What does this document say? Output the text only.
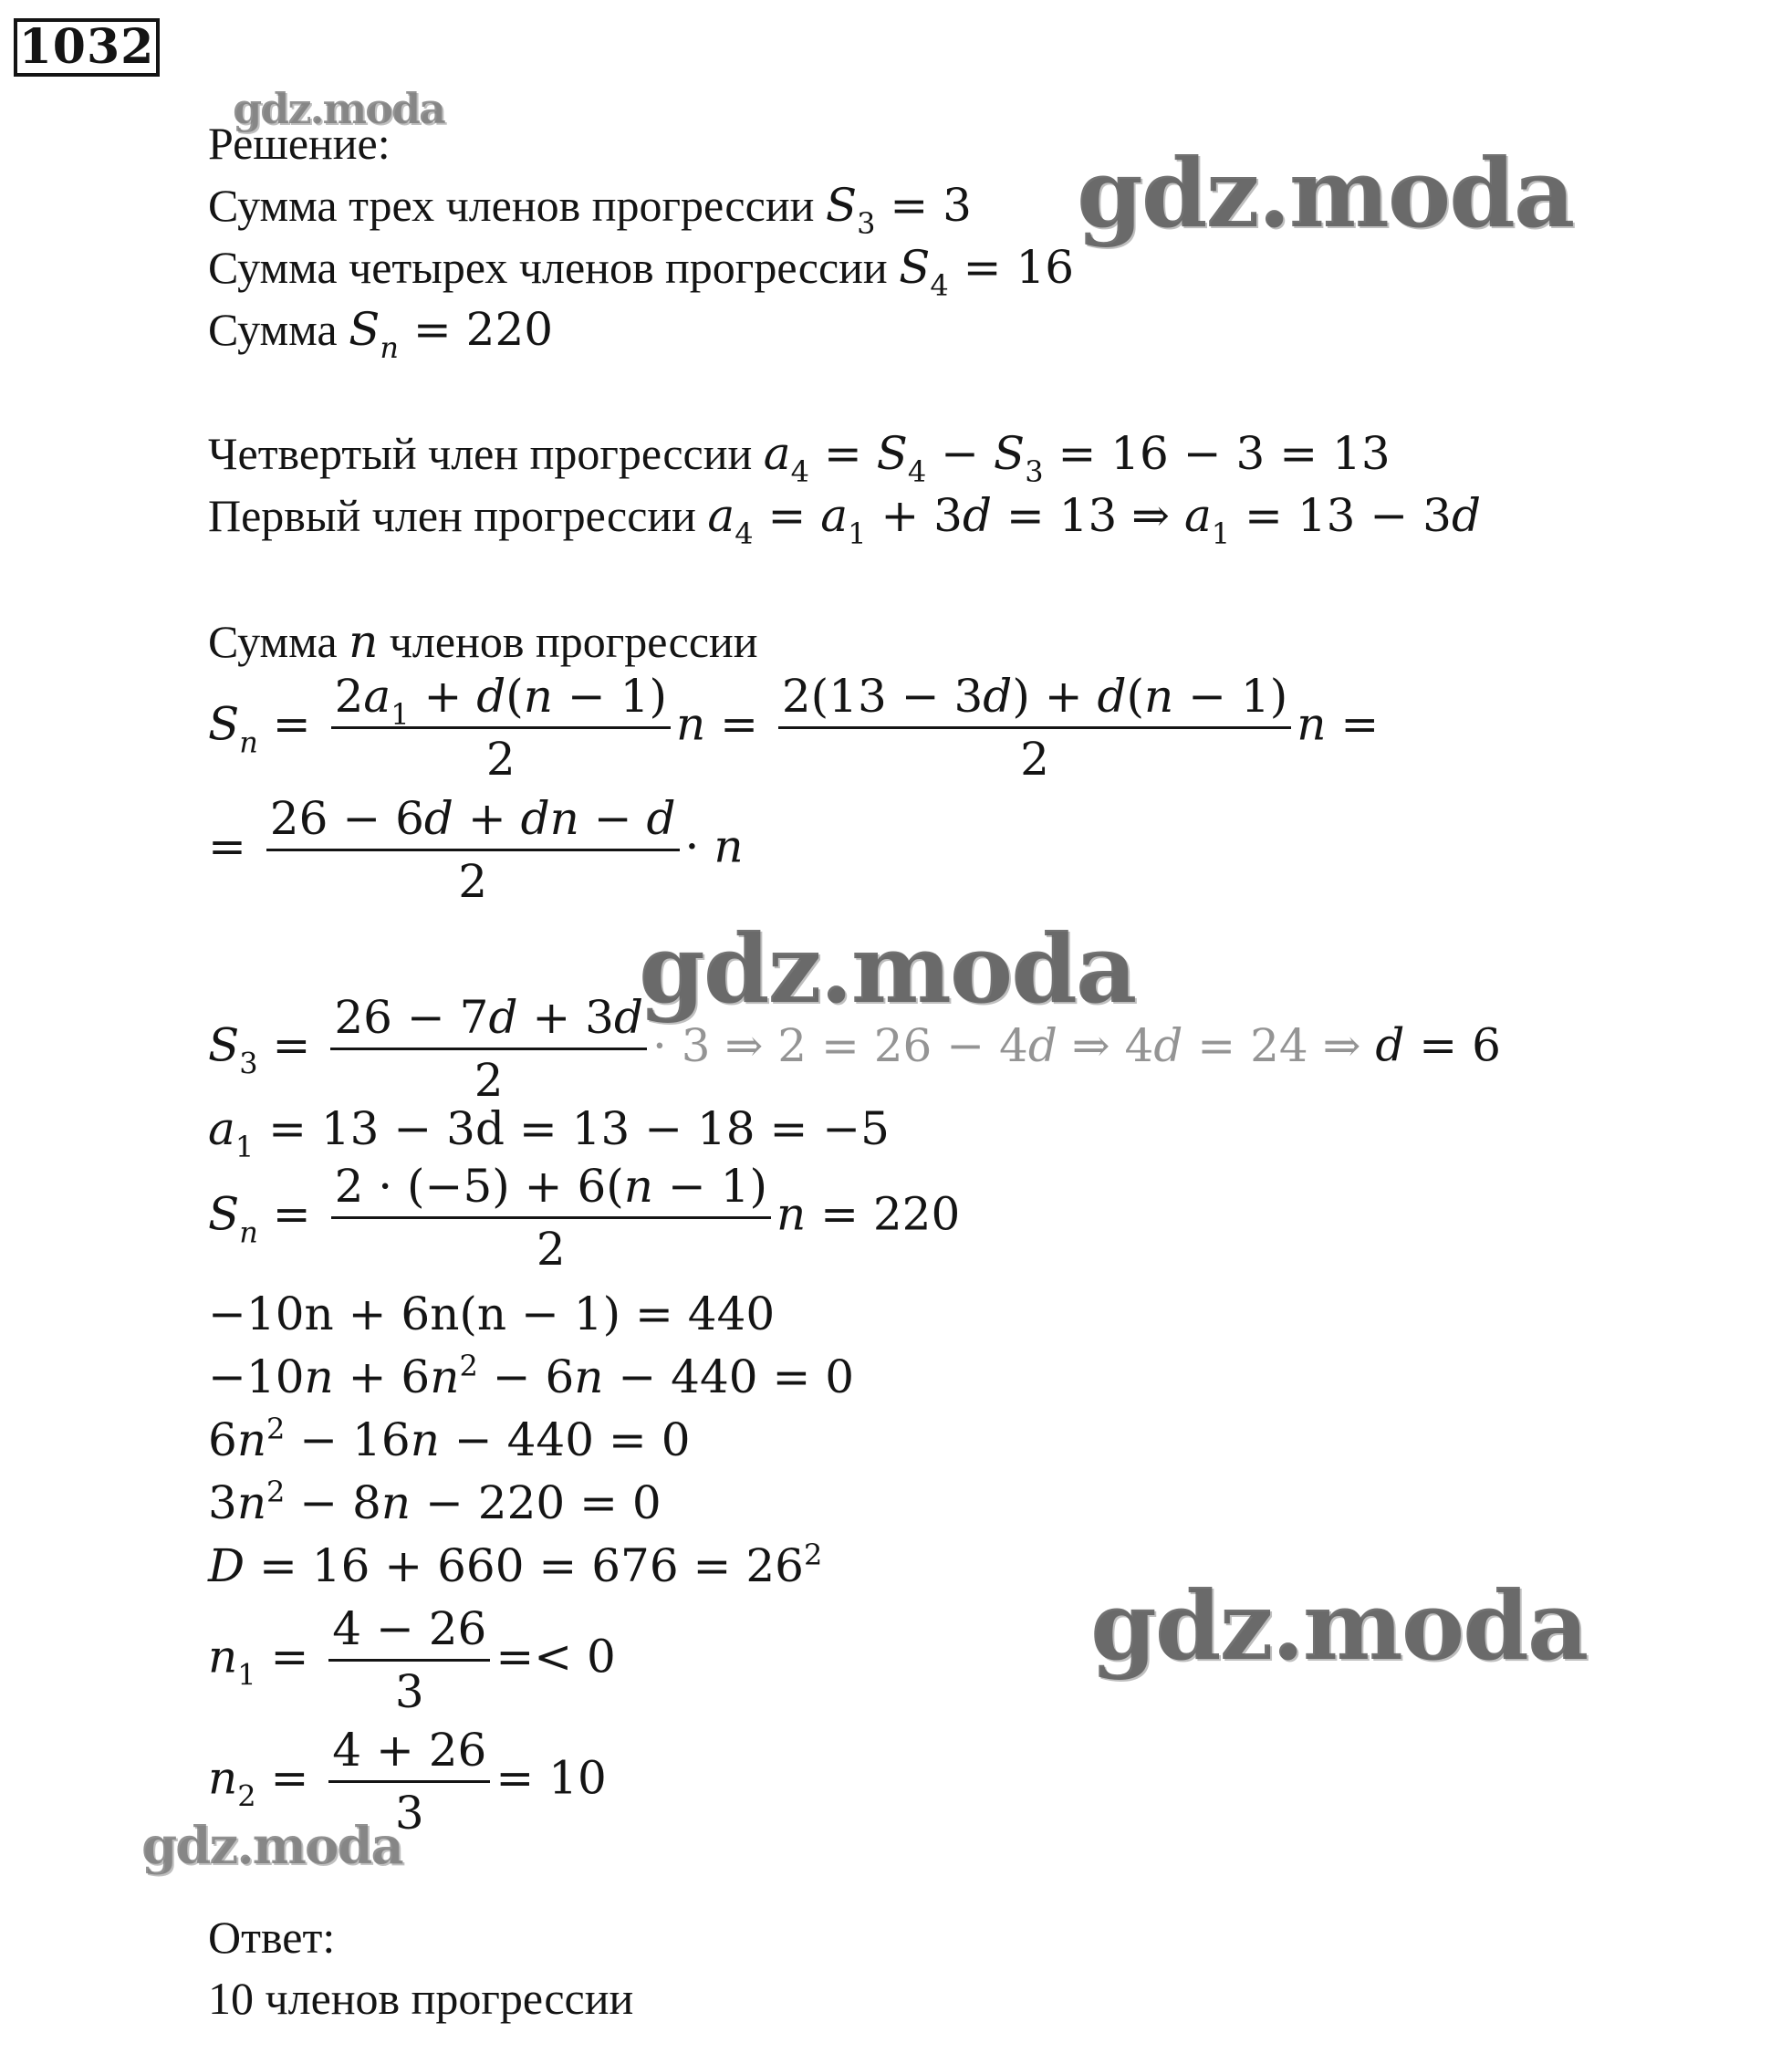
1032
gdz.moda
gdz.moda
gdz.moda
gdz.moda
gdz.moda
Решение:
Сумма трех членов прогрессии $S_3 = 3$
Сумма четырех членов прогрессии $S_4 = 16$
Сумма $S_n = 220$
Четвертый член прогрессии $a_4 = S_4 - S_3 = 16 - 3 = 13$
Первый член прогрессии $a_4 = a_1 + 3d = 13$ ⇒ $a_1 = 13 - 3d$
Сумма n членов прогрессии
$S_n = \frac{2a_1 + d(n - 1)}{2}$ $n = \frac{2(13 - 3d) + d(n - 1)}{2}$ n =
= $\frac{26 - 6d + dn - d}{2} \cdot n$
$S_3 = \frac{26 - 7d + 3d}{2} \cdot 3$ ⇒ 2 = 26 − 4d ⇒ 4d = 24 ⇒ d = 6
$a_1 = 13 - 3d = 13 - 18 = -5$
$S_n = \frac{2 \cdot (-5) + 6(n - 1)}{2}$ n = 220
−10n + 6n(n − 1) = 440
$-10n + 6n^2 - 6n - 440 = 0$
$6n^2 - 16n - 440 = 0$
$3n^2 - 8n - 220 = 0$
$D = 16 + 660 = 676 = 26^2$
$n_1 = \frac{4 - 26}{3} =< 0$
$n_2 = \frac{4 + 26}{3} = 10$
Ответ:
10 членов прогрессии
